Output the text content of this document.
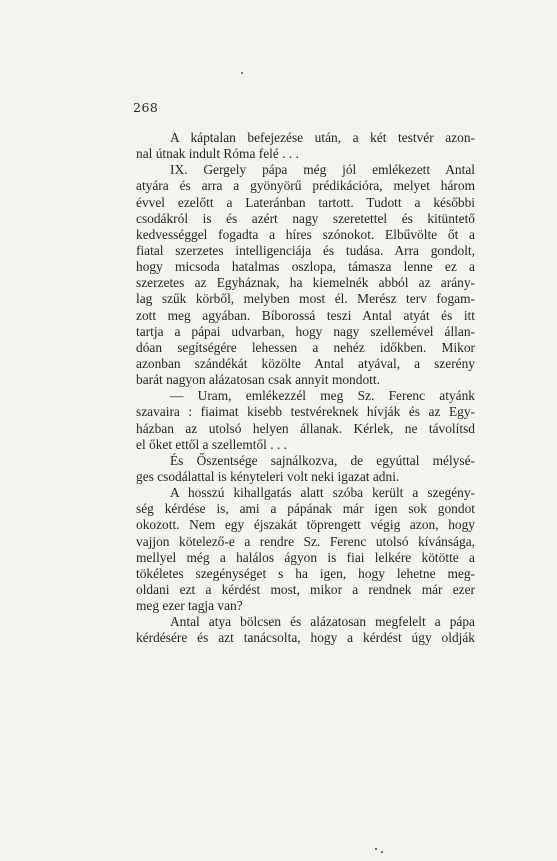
268
A káptalan befejezése után, a két testvér azon-
nal útnak indult Róma felé . . .
IX. Gergely pápa még jól emlékezett Antal
atyára és arra a gyönyörű prédikációra, melyet három
évvel ezelőtt a Lateránban tartott. Tudott a későbbi
csodákról is és azért nagy szeretettel és kitüntető
kedvességgel fogadta a híres szónokot. Elbűvölte őt a
fiatal szerzetes intelligenciája és tudása. Arra gondolt,
hogy micsoda hatalmas oszlopa, támasza lenne ez a
szerzetes az Egyháznak, ha kiemelnék abból az arány-
lag szűk körből, melyben most él. Merész terv fogam-
zott meg agyában. Bíborossá teszi Antal atyát és itt
tartja a pápai udvarban, hogy nagy szellemével állan-
dóan segítségére lehessen a nehéz időkben. Mikor
azonban szándékát közölte Antal atyával, a szerény
barát nagyon alázatosan csak annyit mondott.
— Uram, emlékezzél meg Sz. Ferenc atyánk
szavaira : fiaimat kisebb testvéreknek hívják és az Egy-
házban az utolsó helyen állanak. Kérlek, ne távolítsd
el őket ettől a szellemtől . . .
És Őszentsége sajnálkozva, de egyúttal mélysé-
ges csodálattal is kényteleri volt neki igazat adni.
A hosszú kihallgatás alatt szóba került a szegény-
ség kérdése is, ami a pápának már igen sok gondot
okozott. Nem egy éjszakát töprengett végig azon, hogy
vajjon kötelező-e a rendre Sz. Ferenc utolsó kívánsága,
mellyel még a halálos ágyon is fiai lelkére kötötte a
tökéletes szegénységet s ha igen, hogy lehetne meg-
oldani ezt a kérdést most, mikor a rendnek már ezer
meg ezer tagja van?
Antal atya bölcsen és alázatosan megfelelt a pápa
kérdésére és azt tanácsolta, hogy a kérdést úgy oldják
